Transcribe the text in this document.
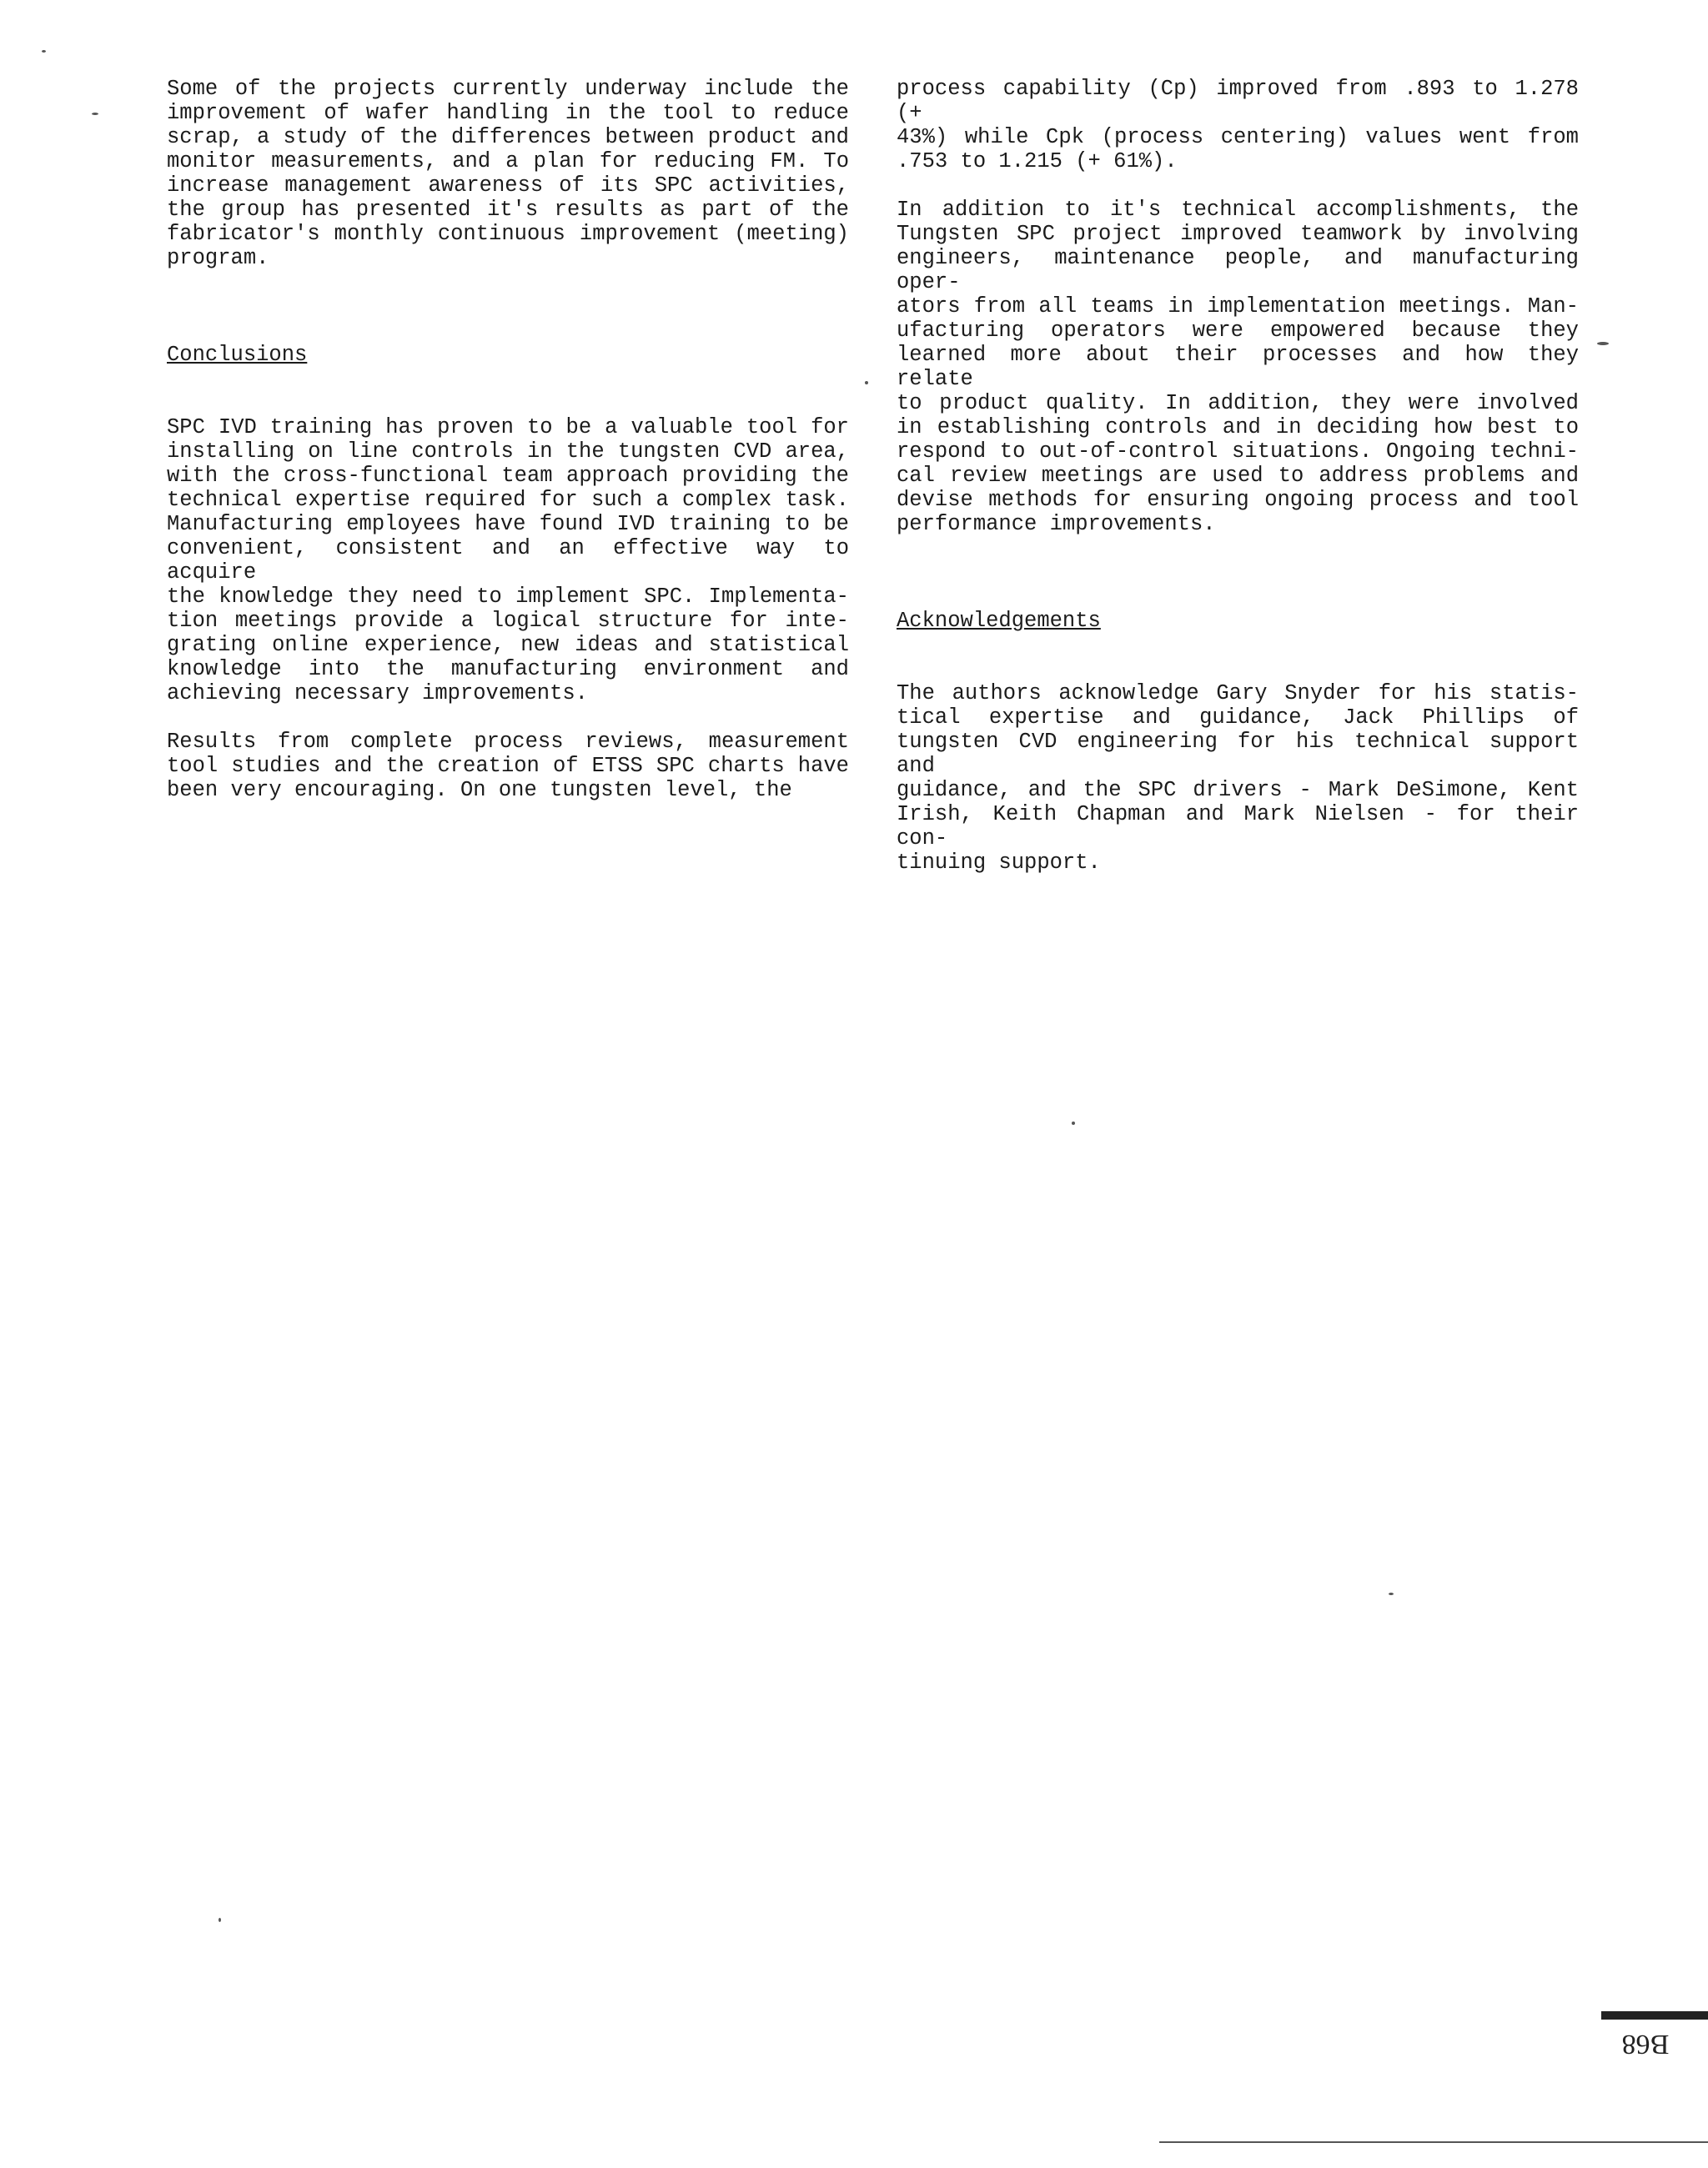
Some of the projects currently underway include the
improvement of wafer handling in the tool to reduce
scrap, a study of the differences between product and
monitor measurements, and a plan for reducing FM. To
increase management awareness of its SPC activities,
the group has presented it's results as part of the
fabricator's monthly continuous improvement (meeting)
program.

Conclusions

SPC IVD training has proven to be a valuable tool for
installing on line controls in the tungsten CVD area,
with the cross-functional team approach providing the
technical expertise required for such a complex task.
Manufacturing employees have found IVD training to be
convenient, consistent and an effective way to acquire
the knowledge they need to implement SPC. Implementa-
tion meetings provide a logical structure for inte-
grating online experience, new ideas and statistical
knowledge into the manufacturing environment and
achieving necessary improvements.

Results from complete process reviews, measurement
tool studies and the creation of ETSS SPC charts have
been very encouraging. On one tungsten level, the

process capability (Cp) improved from .893 to 1.278 (+
43%) while Cpk (process centering) values went from
.753 to 1.215 (+ 61%).

In addition to it's technical accomplishments, the
Tungsten SPC project improved teamwork by involving
engineers, maintenance people, and manufacturing oper-
ators from all teams in implementation meetings. Man-
ufacturing operators were empowered because they
learned more about their processes and how they relate
to product quality. In addition, they were involved
in establishing controls and in deciding how best to
respond to out-of-control situations. Ongoing techni-
cal review meetings are used to address problems and
devise methods for ensuring ongoing process and tool
performance improvements.

Acknowledgements

The authors acknowledge Gary Snyder for his statis-
tical expertise and guidance, Jack Phillips of
tungsten CVD engineering for his technical support and
guidance, and the SPC drivers - Mark DeSimone, Kent
Irish, Keith Chapman and Mark Nielsen - for their con-
tinuing support.

B68
